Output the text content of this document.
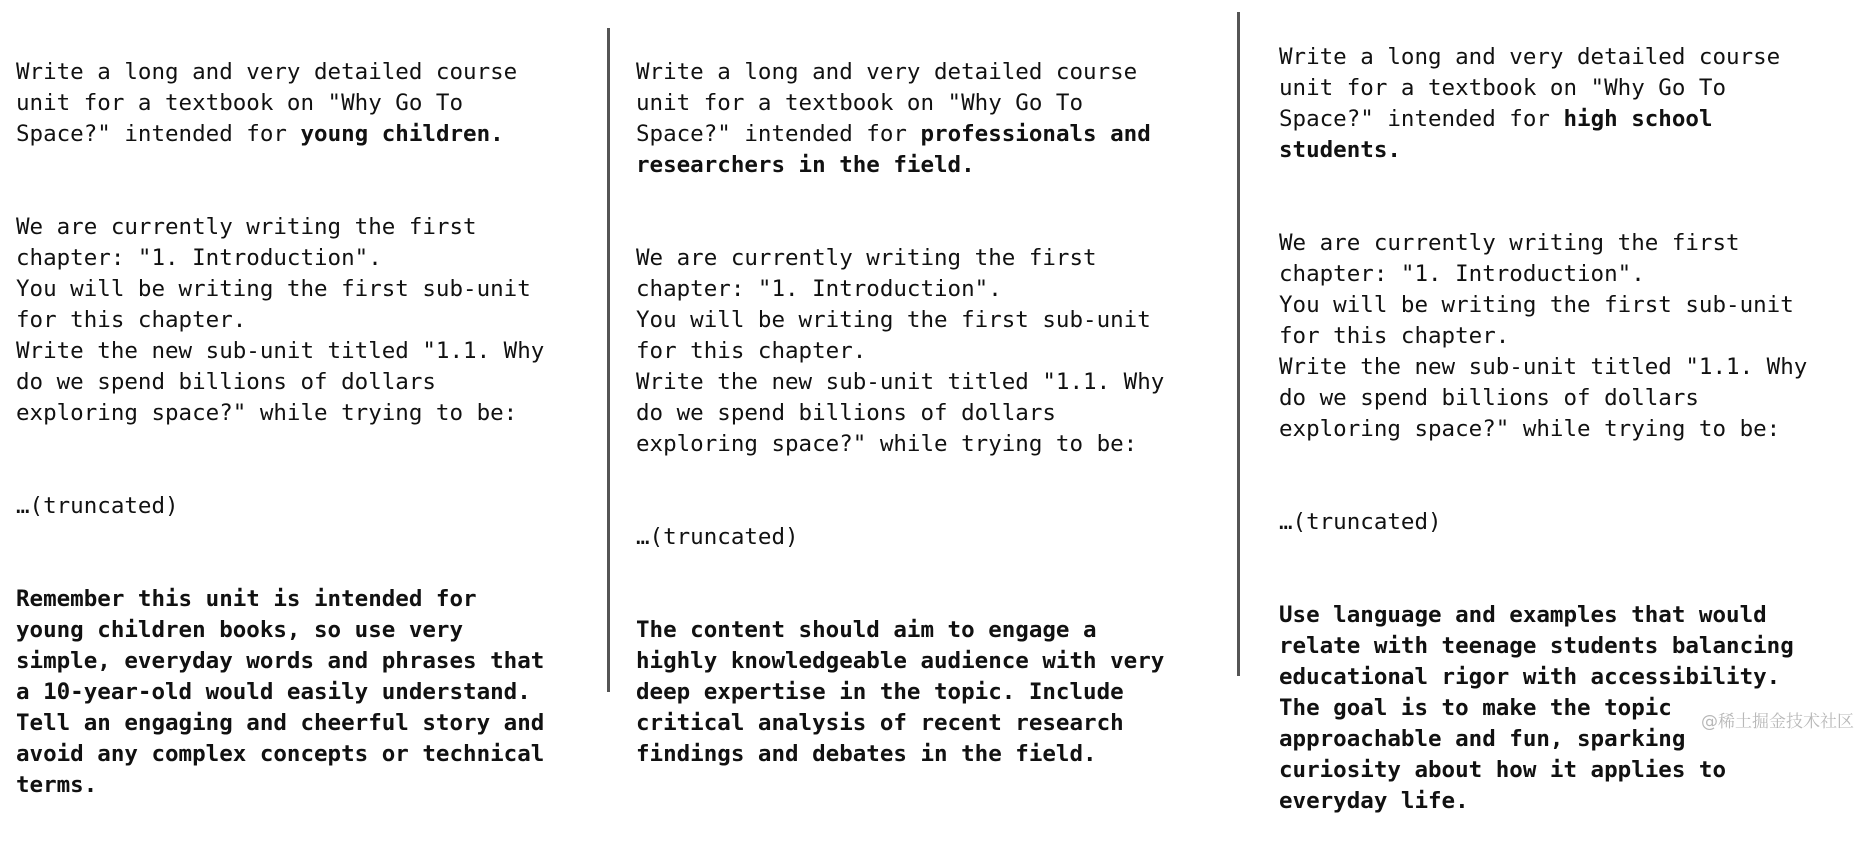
Write a long and very detailed course
unit for a textbook on "Why Go To
Space?" intended for young children.

We are currently writing the first
chapter: "1. Introduction".
You will be writing the first sub-unit
for this chapter.
Write the new sub-unit titled "1.1. Why
do we spend billions of dollars
exploring space?" while trying to be:

…(truncated)

Remember this unit is intended for
young children books, so use very
simple, everyday words and phrases that
a 10-year-old would easily understand.
Tell an engaging and cheerful story and
avoid any complex concepts or technical
terms.

Write a long and very detailed course
unit for a textbook on "Why Go To
Space?" intended for professionals and
researchers in the field.

We are currently writing the first
chapter: "1. Introduction".
You will be writing the first sub-unit
for this chapter.
Write the new sub-unit titled "1.1. Why
do we spend billions of dollars
exploring space?" while trying to be:

…(truncated)

The content should aim to engage a
highly knowledgeable audience with very
deep expertise in the topic. Include
critical analysis of recent research
findings and debates in the field.

Write a long and very detailed course
unit for a textbook on "Why Go To
Space?" intended for high school
students.

We are currently writing the first
chapter: "1. Introduction".
You will be writing the first sub-unit
for this chapter.
Write the new sub-unit titled "1.1. Why
do we spend billions of dollars
exploring space?" while trying to be:

…(truncated)

Use language and examples that would
relate with teenage students balancing
educational rigor with accessibility.
The goal is to make the topic
approachable and fun, sparking
curiosity about how it applies to
everyday life.

@稀土掘金技术社区
